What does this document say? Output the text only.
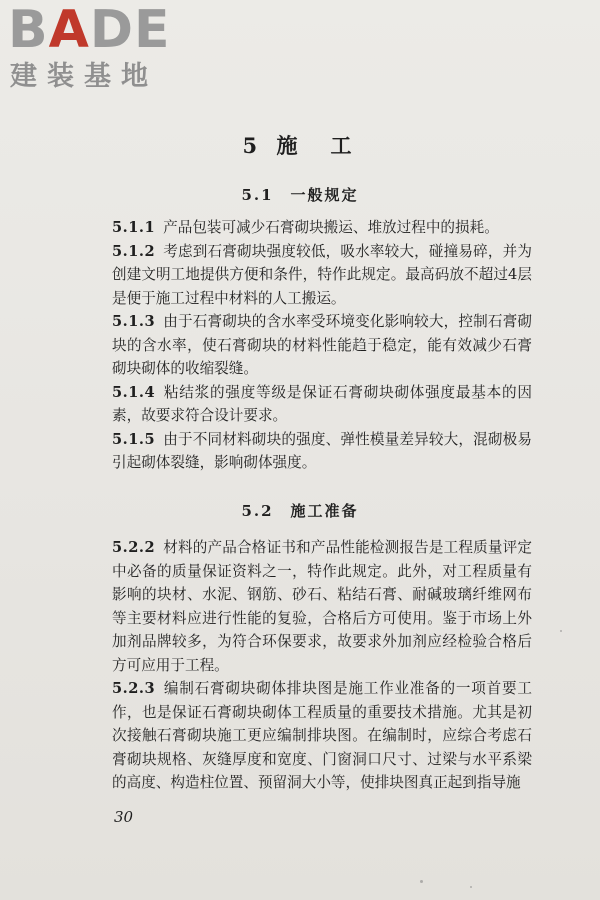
BADE
建装基地
5 施　工
5.1　一般规定

5.1.1 产品包装可减少石膏砌块搬运、堆放过程中的损耗。

5.1.2 考虑到石膏砌块强度较低，吸水率较大，碰撞易碎，并为创建文明工地提供方便和条件，特作此规定。最高码放不超过4层是便于施工过程中材料的人工搬运。

5.1.3 由于石膏砌块的含水率受环境变化影响较大，控制石膏砌块的含水率，使石膏砌块的材料性能趋于稳定，能有效减少石膏砌块砌体的收缩裂缝。

5.1.4 粘结浆的强度等级是保证石膏砌块砌体强度最基本的因素，故要求符合设计要求。

5.1.5 由于不同材料砌块的强度、弹性模量差异较大，混砌极易引起砌体裂缝，影响砌体强度。

5.2　施工准备

5.2.2 材料的产品合格证书和产品性能检测报告是工程质量评定中必备的质量保证资料之一，特作此规定。此外，对工程质量有影响的块材、水泥、钢筋、砂石、粘结石膏、耐碱玻璃纤维网布等主要材料应进行性能的复验，合格后方可使用。鉴于市场上外加剂品牌较多，为符合环保要求，故要求外加剂应经检验合格后方可应用于工程。

5.2.3 编制石膏砌块砌体排块图是施工作业准备的一项首要工作，也是保证石膏砌块砌体工程质量的重要技术措施。尤其是初次接触石膏砌块施工更应编制排块图。在编制时，应综合考虑石膏砌块规格、灰缝厚度和宽度、门窗洞口尺寸、过梁与水平系梁的高度、构造柱位置、预留洞大小等，使排块图真正起到指导施

30
